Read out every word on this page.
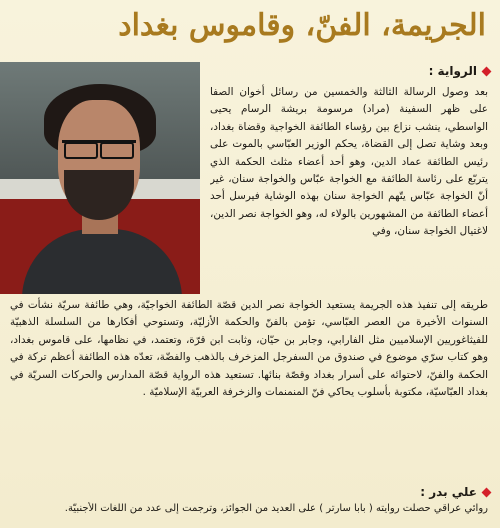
الجريمة، الفنّ، وقاموس بغداد
الرواية :

بعد وصول الرسالة الثالثة والخمسين من رسائل أخوان الصفا على ظهر السفينة (مراد) مرسومة بريشة الرسام يحيى الواسطي، ينشب نزاع بين رؤساء الطائفة الخواجية وقضاة بغداد، وبعد وشاية تصل إلى القضاة، يحكم الوزير العبّاسي بالموت على رئيس الطائفة عماد الدين، وهو أحد أعضاء مثلث الحكمة الذي يتربّع على رئاسة الطائفة مع الخواجة عبّاس والخواجة سنان، غير أنّ الخواجة عبّاس يتّهم الخواجة سنان بهذه الوشاية فيرسل أحد أعضاء الطائفة من المشهورين بالولاء له، وهو الخواجة نصر الدين، لاغتيال الخواجة سنان، وفي

طريقه إلى تنفيذ هذه الجريمة يستعيد الخواجة نصر الدين قصّة الطائفة الخواجيّة، وهي طائفة سريّة نشأت في السنوات الأخيرة من العصر العبّاسي، تؤمن بالفنّ والحكمة الأزليّة، وتستوحي أفكارها من السلسلة الذهبيّة للفيثاغوريين الإسلاميين مثل الفارابي، وجابر بن حيّان، وثابت ابن قرّة، وتعتمد، في نظامها، على قاموس بغداد، وهو كتاب سرّي موضوع في صندوق من السفرجل المزخرف بالذهب والفضّة، تعدّه هذه الطائفة أعظم تركة في الحكمة والفنّ، لاحتوائه على أسرار بغداد وقصّة بنائها. تستعيد هذه الرواية قصّة المدارس والحركات السريّة في بغداد العبّاسيّة، مكتوبة بأسلوب يحاكي فنّ المنمنمات والزخرفة العربيّة الإسلاميّة .

علي بدر :

روائي عراقي حصلت روايته ( بابا سارتر ) على العديد من الجوائز، وترجمت إلى عدد من اللغات الأجنبيّة.
